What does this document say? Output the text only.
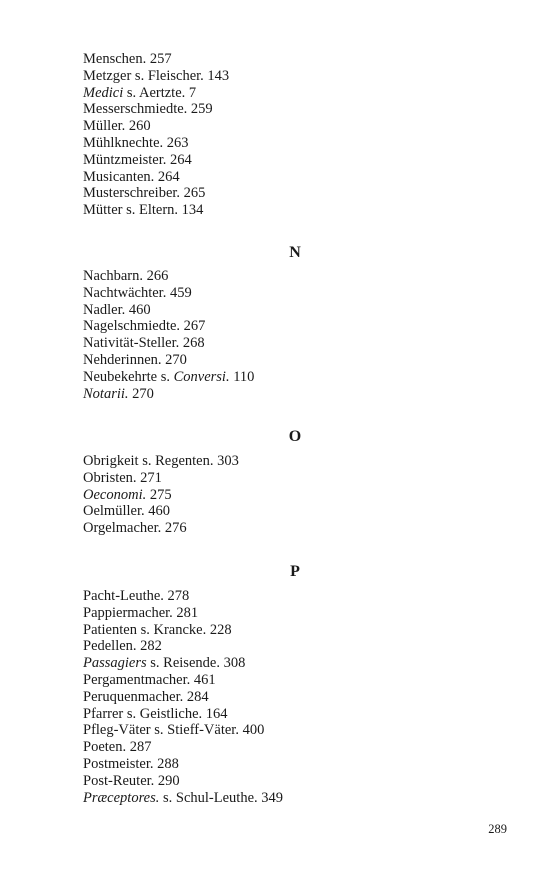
Menschen. 257
Metzger s. Fleischer. 143
Medici s. Aertzte. 7
Messerschmiedte. 259
Müller. 260
Mühlknechte. 263
Müntzmeister. 264
Musicanten. 264
Musterschreiber. 265
Mütter s. Eltern. 134
N
Nachbarn. 266
Nachtwächter. 459
Nadler. 460
Nagelschmiedte. 267
Nativität-Steller. 268
Nehderinnen. 270
Neubekehrte s. Conversi. 110
Notarii. 270
O
Obrigkeit s. Regenten. 303
Obristen. 271
Oeconomi. 275
Oelmüller. 460
Orgelmacher. 276
P
Pacht-Leuthe. 278
Pappiermacher. 281
Patienten s. Krancke. 228
Pedellen. 282
Passagiers s. Reisende. 308
Pergamentmacher. 461
Peruquenmacher. 284
Pfarrer s. Geistliche. 164
Pfleg-Väter s. Stieff-Väter. 400
Poeten. 287
Postmeister. 288
Post-Reuter. 290
Præceptores. s. Schul-Leuthe. 349
289
